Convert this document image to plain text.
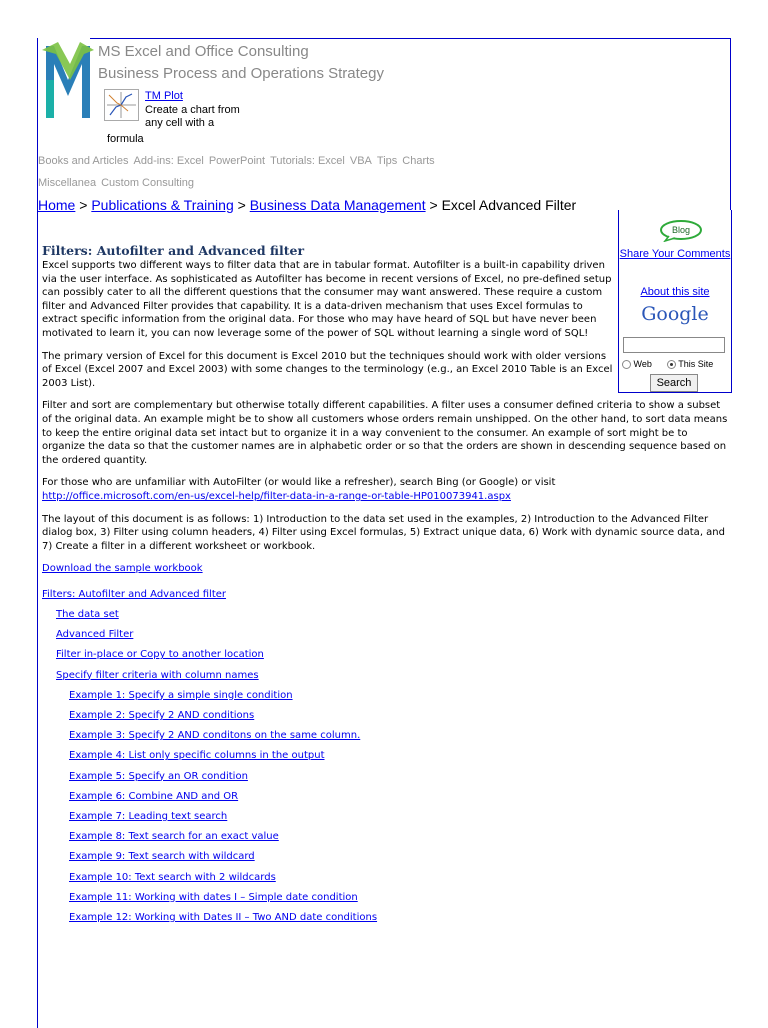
MS Excel and Office Consulting
Business Process and Operations Strategy
TM Plot
Create a chart from any cell with a
formula
Books and Articles Add-ins: Excel PowerPoint Tutorials: Excel VBA Tips Charts
Miscellanea Custom Consulting
Home > Publications & Training > Business Data Management > Excel Advanced Filter
Blog
Share Your Comments
About this site
Google
Web	This Site
Search
Filters: Autofilter and Advanced filter

Excel supports two different ways to filter data that are in tabular format. Autofilter is a built-in capability driven via the user interface. As sophisticated as Autofilter has become in recent versions of Excel, no pre-defined setup can possibly cater to all the different questions that the consumer may want answered. These require a custom filter and Advanced Filter provides that capability. It is a data-driven mechanism that uses Excel formulas to extract specific information from the original data. For those who may have heard of SQL but have never been motivated to learn it, you can now leverage some of the power of SQL without learning a single word of SQL!

The primary version of Excel for this document is Excel 2010 but the techniques should work with older versions of Excel (Excel 2007 and Excel 2003) with some changes to the terminology (e.g., an Excel 2010 Table is an Excel 2003 List).

Filter and sort are complementary but otherwise totally different capabilities. A filter uses a consumer defined criteria to show a subset of the original data. An example might be to show all customers whose orders remain unshipped. On the other hand, to sort data means to keep the entire original data set intact but to organize it in a way convenient to the consumer. An example of sort might be to organize the data so that the customer names are in alphabetic order or so that the orders are shown in descending sequence based on the ordered quantity.

For those who are unfamiliar with AutoFilter (or would like a refresher), search Bing (or Google) or visit
http://office.microsoft.com/en-us/excel-help/filter-data-in-a-range-or-table-HP010073941.aspx

The layout of this document is as follows: 1) Introduction to the data set used in the examples, 2) Introduction to the Advanced Filter dialog box, 3) Filter using column headers, 4) Filter using Excel formulas, 5) Extract unique data, 6) Work with dynamic source data, and 7) Create a filter in a different worksheet or workbook.

Download the sample workbook

Filters: Autofilter and Advanced filter
The data set
Advanced Filter
Filter in-place or Copy to another location
Specify filter criteria with column names
Example 1: Specify a simple single condition
Example 2: Specify 2 AND conditions
Example 3: Specify 2 AND conditons on the same column.
Example 4: List only specific columns in the output
Example 5: Specify an OR condition
Example 6: Combine AND and OR
Example 7: Leading text search
Example 8: Text search for an exact value
Example 9: Text search with wildcard
Example 10: Text search with 2 wildcards
Example 11: Working with dates I – Simple date condition
Example 12: Working with Dates II – Two AND date conditions
